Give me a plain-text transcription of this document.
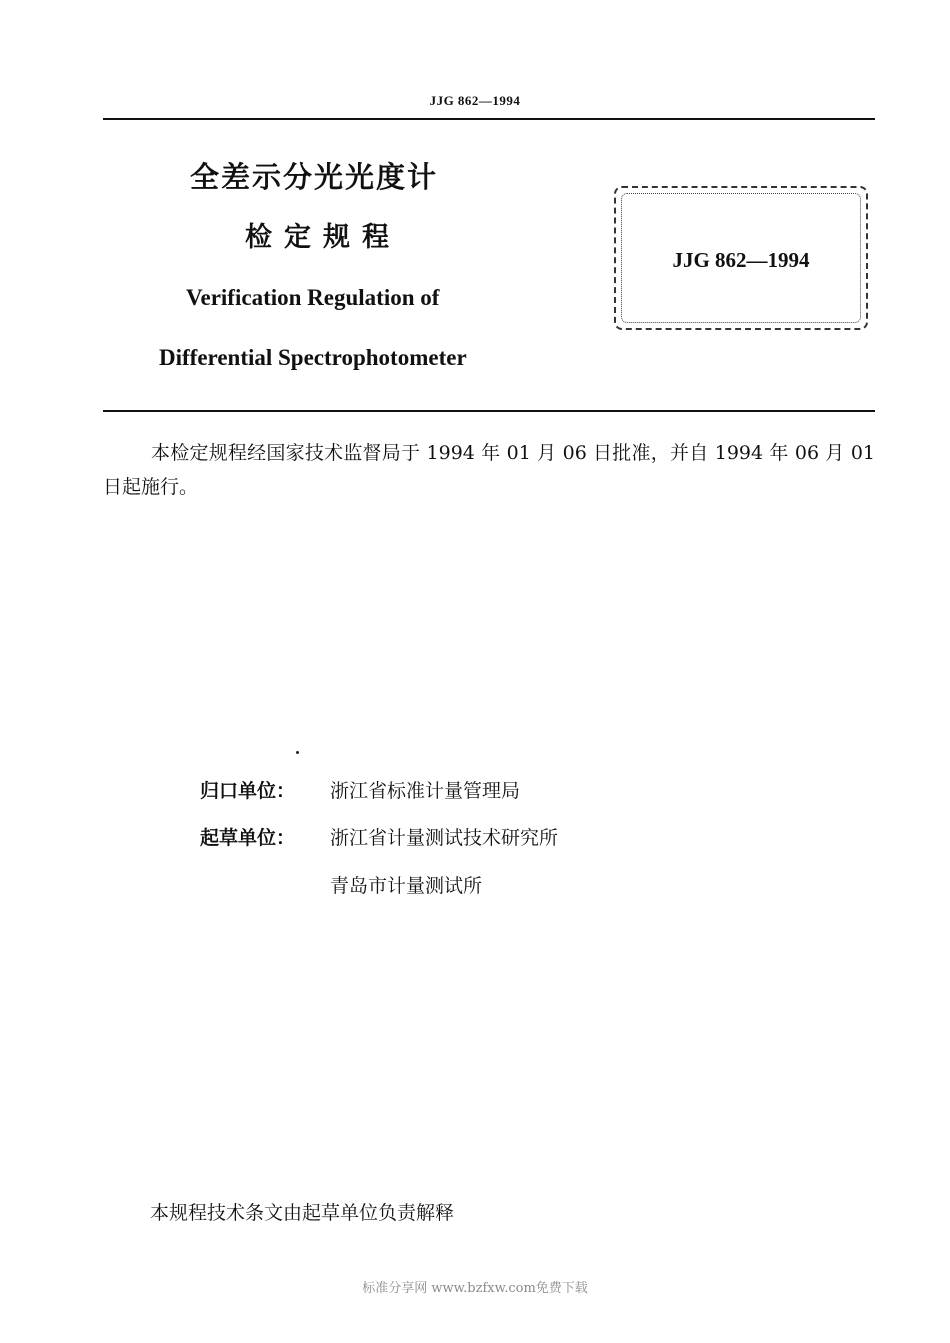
JJG 862—1994
全差示分光光度计
检定规程
Verification Regulation of
Differential Spectrophotometer
JJG 862—1994
本检定规程经国家技术监督局于 1994 年 01 月 06 日批准，并自 1994 年 06 月 01 日起施行。
归口单位： 浙江省标准计量管理局
起草单位： 浙江省计量测试技术研究所
青岛市计量测试所
本规程技术条文由起草单位负责解释
标准分享网 www.bzfxw.com免费下载
